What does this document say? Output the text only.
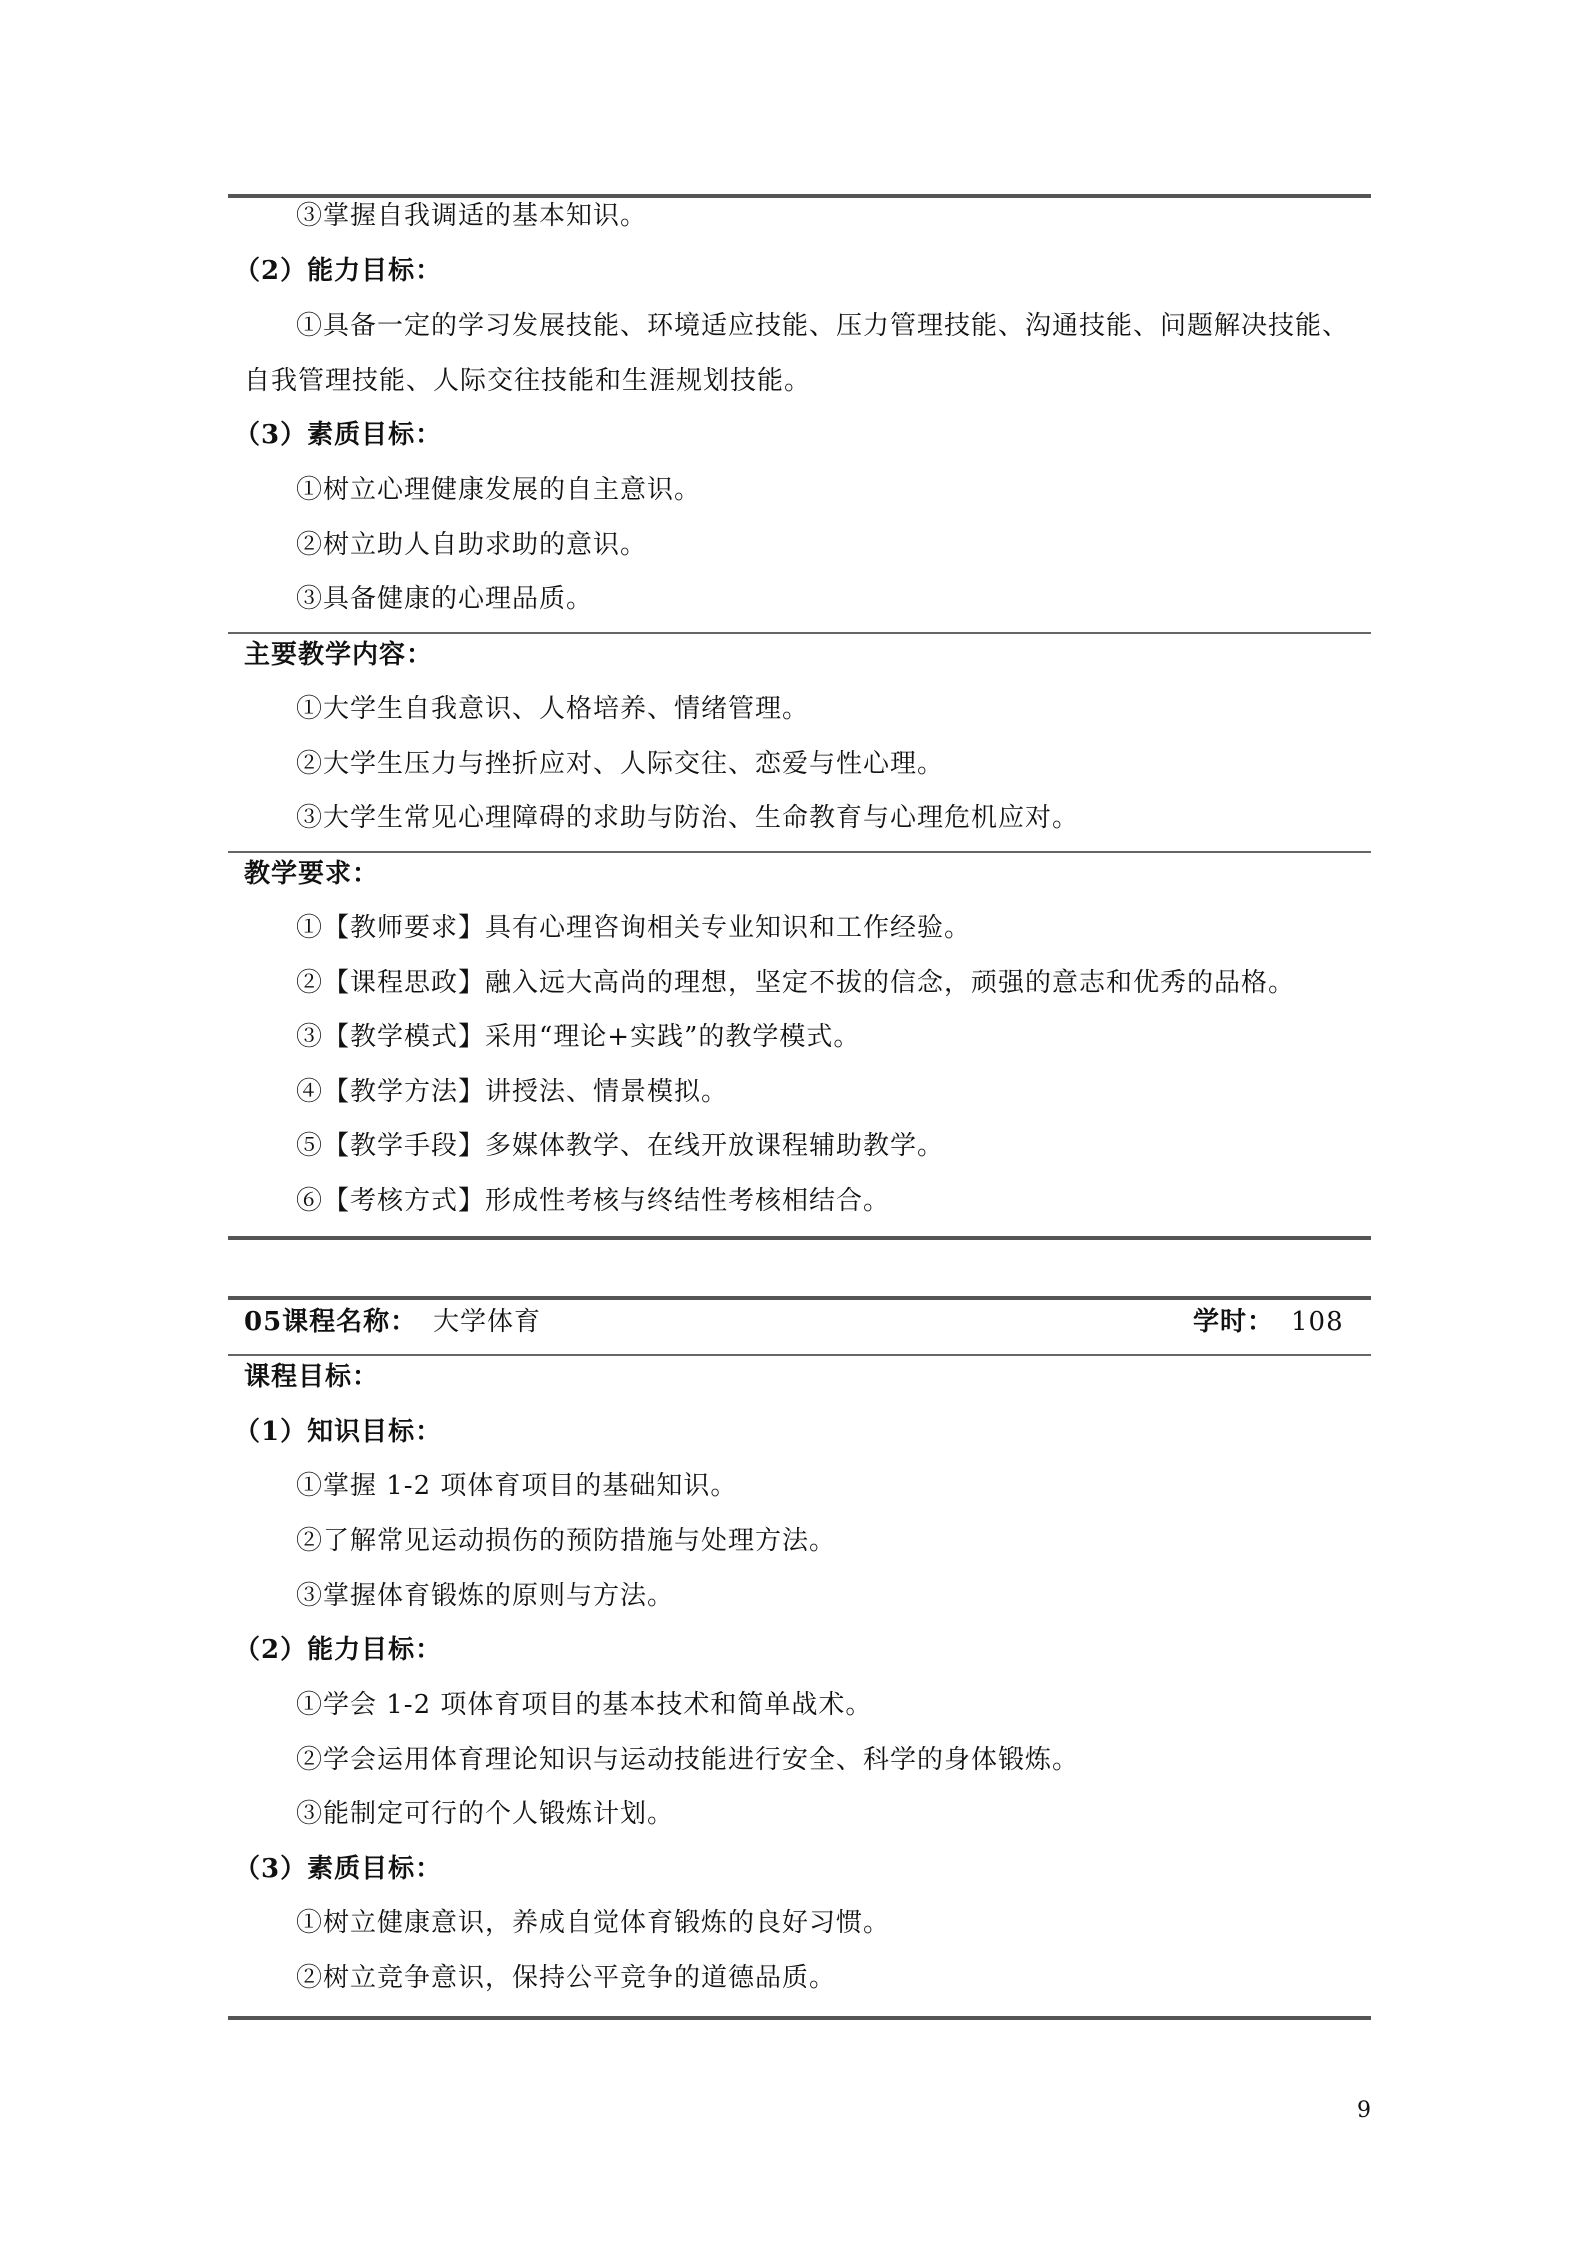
③掌握自我调适的基本知识。
（2）能力目标：
①具备一定的学习发展技能、环境适应技能、压力管理技能、沟通技能、问题解决技能、
自我管理技能、人际交往技能和生涯规划技能。
（3）素质目标：
①树立心理健康发展的自主意识。
②树立助人自助求助的意识。
③具备健康的心理品质。
主要教学内容：
①大学生自我意识、人格培养、情绪管理。
②大学生压力与挫折应对、人际交往、恋爱与性心理。
③大学生常见心理障碍的求助与防治、生命教育与心理危机应对。
教学要求：
①【教师要求】具有心理咨询相关专业知识和工作经验。
②【课程思政】融入远大高尚的理想，坚定不拔的信念，顽强的意志和优秀的品格。
③【教学模式】采用“理论+实践”的教学模式。
④【教学方法】讲授法、情景模拟。
⑤【教学手段】多媒体教学、在线开放课程辅助教学。
⑥【考核方式】形成性考核与终结性考核相结合。
05课程名称： 大学体育	学时： 108
课程目标：
（1）知识目标：
①掌握 1-2 项体育项目的基础知识。
②了解常见运动损伤的预防措施与处理方法。
③掌握体育锻炼的原则与方法。
（2）能力目标：
①学会 1-2 项体育项目的基本技术和简单战术。
②学会运用体育理论知识与运动技能进行安全、科学的身体锻炼。
③能制定可行的个人锻炼计划。
（3）素质目标：
①树立健康意识，养成自觉体育锻炼的良好习惯。
②树立竞争意识，保持公平竞争的道德品质。
9
